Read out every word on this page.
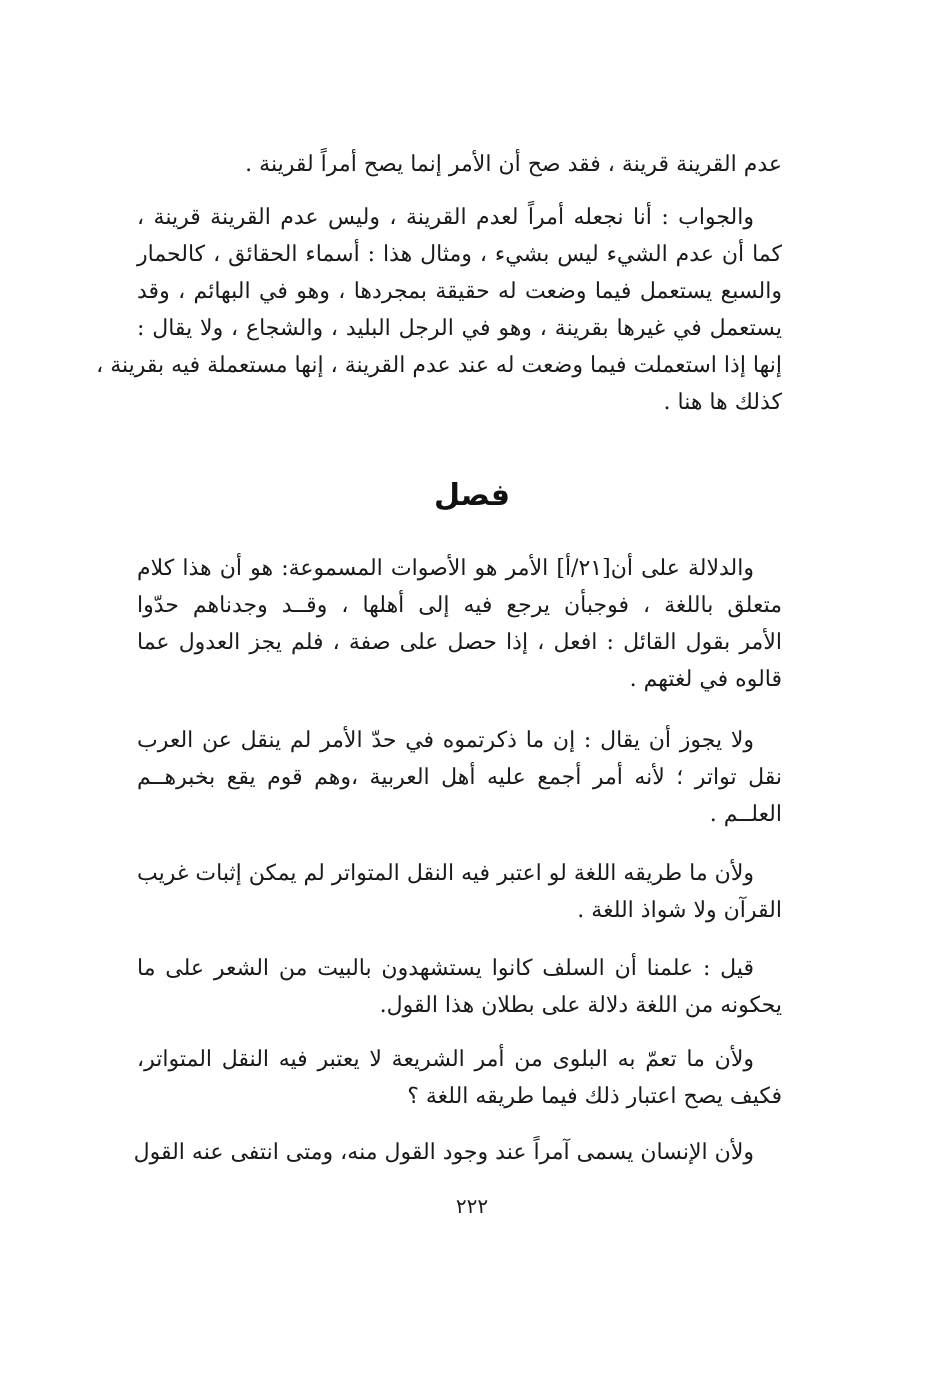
عدم القرينة قرينة ، فقد صح أن الأمر إنما يصح أمراً لقرينة .
والجواب : أنا نجعله أمراً لعدم القرينة ، وليس عدم القرينة قرينة ،
كما أن عدم الشيء ليس بشيء ، ومثال هذا : أسماء الحقائق ، كالحمار
والسبع يستعمل فيما وضعت له حقيقة بمجردها ، وهو في البهائم ، وقد
يستعمل في غيرها بقرينة ، وهو في الرجل البليد ، والشجاع ، ولا يقال :
إنها إذا استعملت فيما وضعت له عند عدم القرينة ، إنها مستعملة فيه بقرينة ،
كذلك ها هنا .
فصل
والدلالة على أن[٢١/أ] الأمر هو الأصوات المسموعة: هو أن هذا كلام
متعلق باللغة ، فوجبأن يرجع فيه إلى أهلها ، وقــد وجدناهم حدّوا
الأمر بقول القائل : افعل ، إذا حصل على صفة ، فلم يجز العدول عما
قالوه في لغتهم .
ولا يجوز أن يقال : إن ما ذكرتموه في حدّ الأمر لم ينقل عن العرب
نقل تواتر ؛ لأنه أمر أجمع عليه أهل العربية ،وهم قوم يقع بخبرهــم
العلــم .
ولأن ما طريقه اللغة لو اعتبر فيه النقل المتواتر لم يمكن إثبات غريب
القرآن ولا شواذ اللغة .
قيل : علمنا أن السلف كانوا يستشهدون بالبيت من الشعر على ما
يحكونه من اللغة دلالة على بطلان هذا القول.
ولأن ما تعمّ به البلوى من أمر الشريعة لا يعتبر فيه النقل المتواتر،
فكيف يصح اعتبار ذلك فيما طريقه اللغة ؟
ولأن الإنسان يسمى آمراً عند وجود القول منه، ومتى انتفى عنه القول
٢٢٢
